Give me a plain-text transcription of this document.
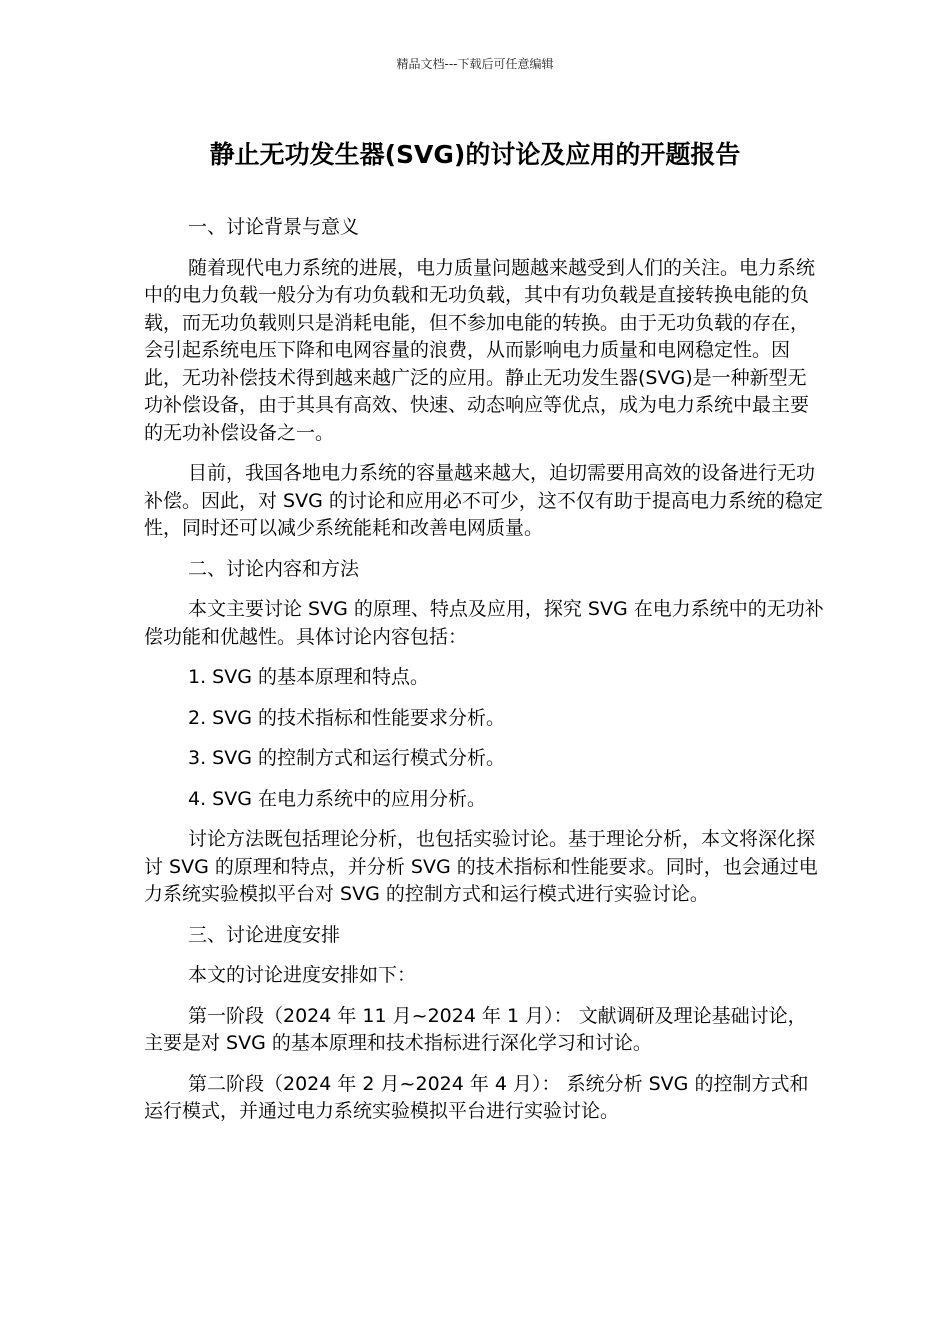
精品文档---下载后可任意编辑
静止无功发生器(SVG)的讨论及应用的开题报告

一、讨论背景与意义

随着现代电力系统的进展，电力质量问题越来越受到人们的关注。电力系统中的电力负载一般分为有功负载和无功负载，其中有功负载是直接转换电能的负载，而无功负载则只是消耗电能，但不参加电能的转换。由于无功负载的存在，会引起系统电压下降和电网容量的浪费，从而影响电力质量和电网稳定性。因此，无功补偿技术得到越来越广泛的应用。静止无功发生器(SVG)是一种新型无功补偿设备，由于其具有高效、快速、动态响应等优点，成为电力系统中最主要的无功补偿设备之一。

目前，我国各地电力系统的容量越来越大，迫切需要用高效的设备进行无功补偿。因此，对 SVG 的讨论和应用必不可少，这不仅有助于提高电力系统的稳定性，同时还可以减少系统能耗和改善电网质量。

二、讨论内容和方法

本文主要讨论 SVG 的原理、特点及应用，探究 SVG 在电力系统中的无功补偿功能和优越性。具体讨论内容包括：

1. SVG 的基本原理和特点。

2. SVG 的技术指标和性能要求分析。

3. SVG 的控制方式和运行模式分析。

4. SVG 在电力系统中的应用分析。

讨论方法既包括理论分析，也包括实验讨论。基于理论分析，本文将深化探讨 SVG 的原理和特点，并分析 SVG 的技术指标和性能要求。同时，也会通过电力系统实验模拟平台对 SVG 的控制方式和运行模式进行实验讨论。

三、讨论进度安排

本文的讨论进度安排如下：

第一阶段（2024 年 11 月~2024 年 1 月）： 文献调研及理论基础讨论，主要是对 SVG 的基本原理和技术指标进行深化学习和讨论。

第二阶段（2024 年 2 月~2024 年 4 月）： 系统分析 SVG 的控制方式和运行模式，并通过电力系统实验模拟平台进行实验讨论。
